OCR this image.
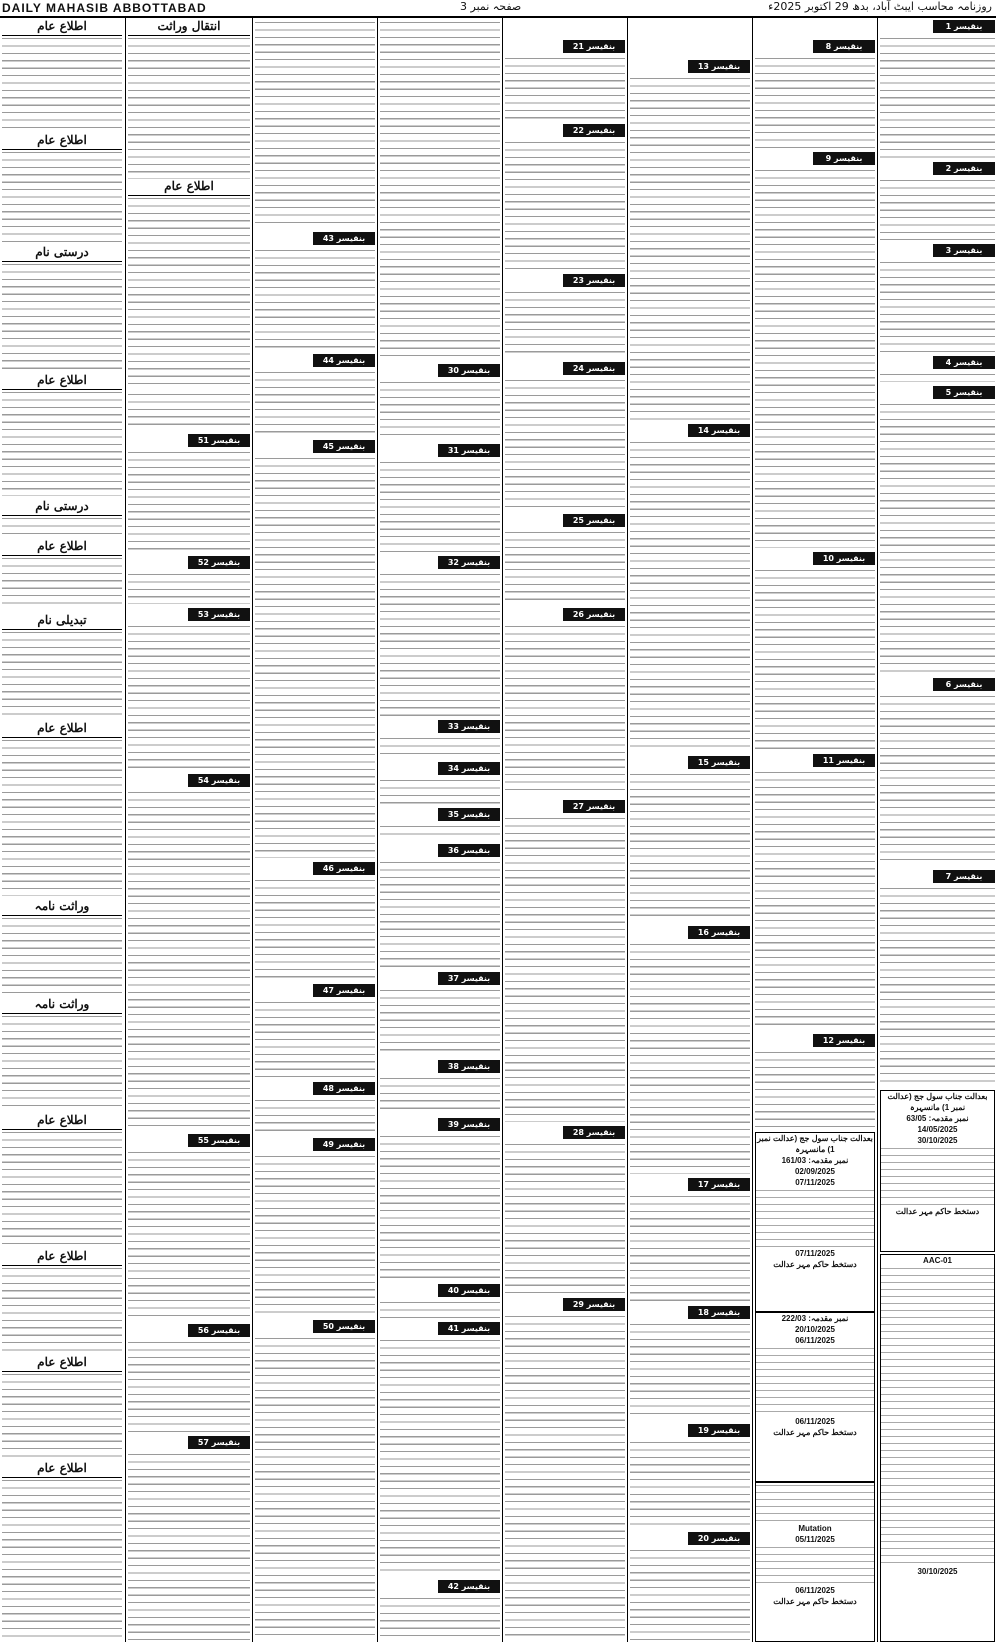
DAILY MAHASIB ABBOTTABAD	صفحہ نمبر 3	روزنامہ محاسب ایبٹ آباد، بدھ 29 اکتوبر 2025ء
بنقیسر 1
بنقیسر 2
بنقیسر 3
بنقیسر 4
بنقیسر 5
بنقیسر 6
بنقیسر 7
بعدالت جناب سول جج (عدالت نمبر 1) مانسہرہ
نمبر مقدمہ: 63/05
14/05/2025
30/10/2025
دستخط حاکم مہر عدالت
AAC-01
30/10/2025
بنقیسر 8
بنقیسر 9
بنقیسر 10
بنقیسر 11
بنقیسر 12
بعدالت جناب سول جج (عدالت نمبر 1) مانسہرہ
نمبر مقدمہ: 161/03
02/09/2025
07/11/2025
07/11/2025
دستخط حاکم مہر عدالت
نمبر مقدمہ: 222/03
20/10/2025
06/11/2025
06/11/2025
دستخط حاکم مہر عدالت
Mutation
05/11/2025
06/11/2025
دستخط حاکم مہر عدالت
بنقیسر 13
بنقیسر 14
بنقیسر 15
بنقیسر 16
بنقیسر 17
بنقیسر 18
بنقیسر 19
بنقیسر 20
بنقیسر 21
بنقیسر 22
بنقیسر 23
بنقیسر 24
بنقیسر 25
بنقیسر 26
بنقیسر 27
بنقیسر 28
بنقیسر 29
بنقیسر 30
بنقیسر 31
بنقیسر 32
بنقیسر 33
بنقیسر 34
بنقیسر 35
بنقیسر 36
بنقیسر 37
بنقیسر 38
بنقیسر 39
بنقیسر 40
بنقیسر 41
بنقیسر 42
بنقیسر 43
بنقیسر 44
بنقیسر 45
بنقیسر 46
بنقیسر 47
بنقیسر 48
بنقیسر 49
بنقیسر 50
انتقال وراثت
اطلاع عام
بنقیسر 51
بنقیسر 52
بنقیسر 53
بنقیسر 54
بنقیسر 55
بنقیسر 56
بنقیسر 57
اطلاع عام
اطلاع عام
درستی نام
اطلاع عام
درستی نام
اطلاع عام
تبدیلی نام
اطلاع عام
وراثت نامہ
وراثت نامہ
اطلاع عام
اطلاع عام
اطلاع عام
اطلاع عام
